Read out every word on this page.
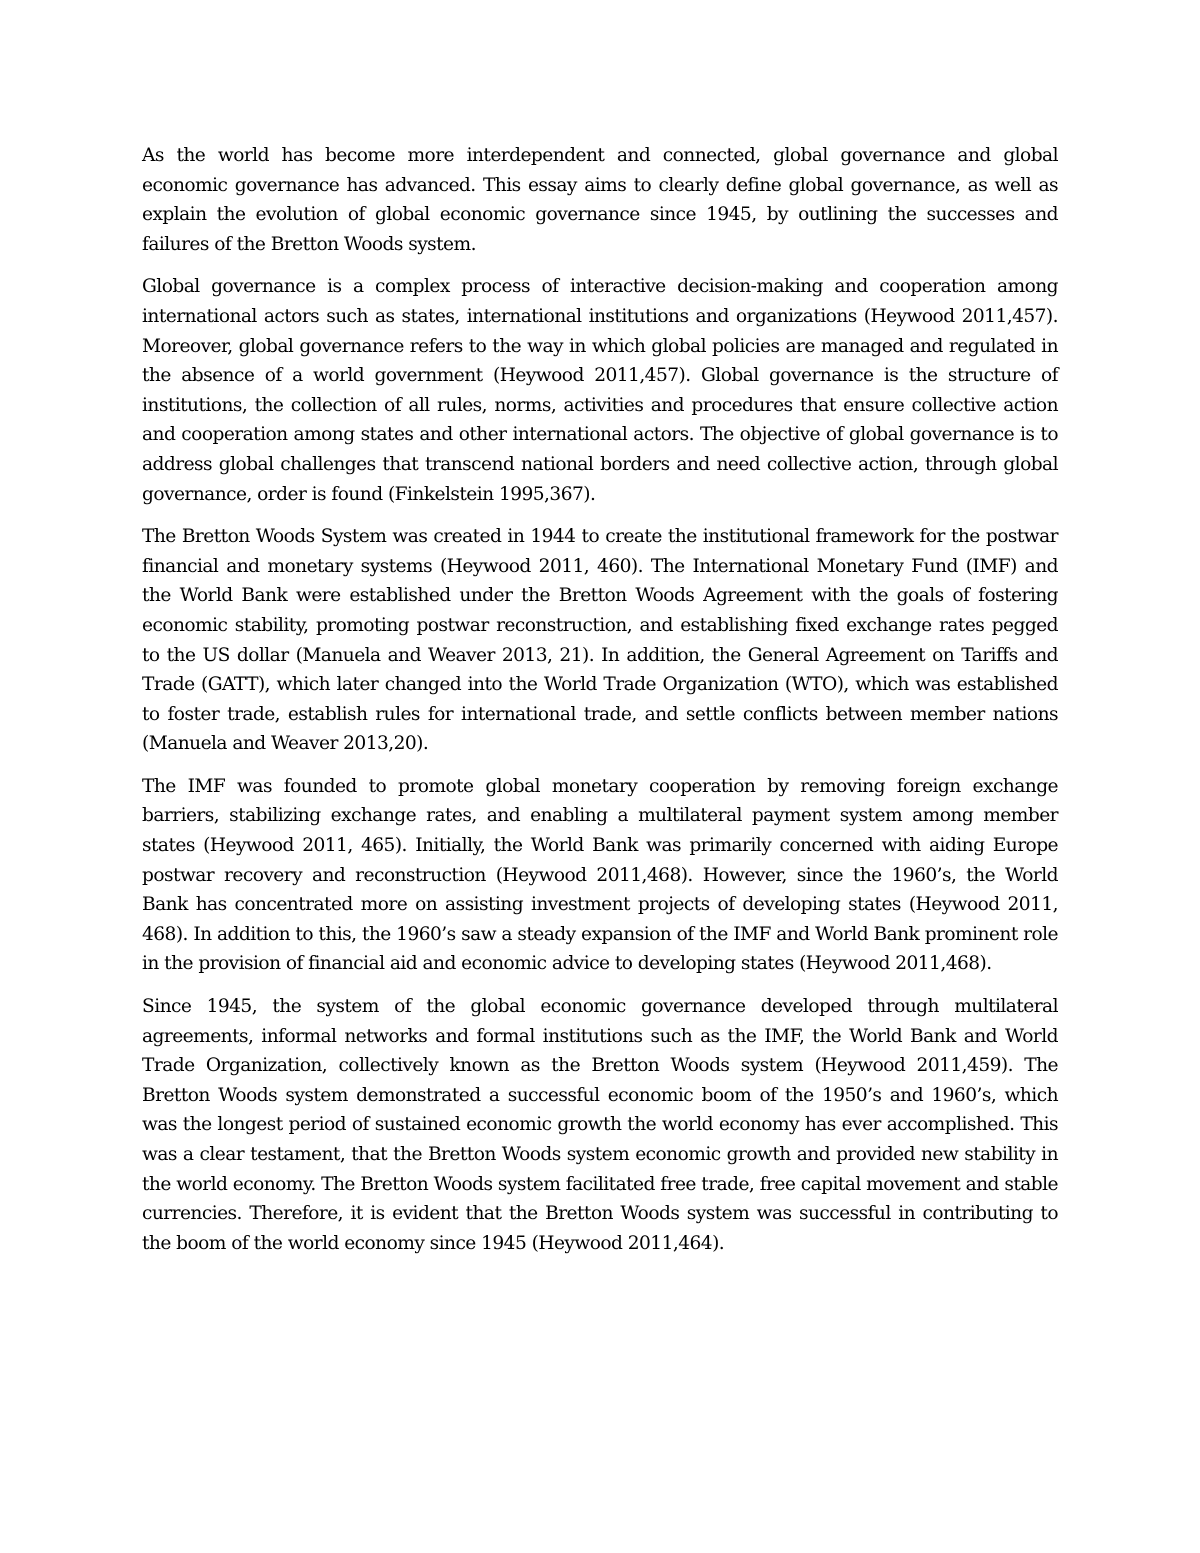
As the world has become more interdependent and connected, global governance and global economic governance has advanced. This essay aims to clearly define global governance, as well as explain the evolution of global economic governance since 1945, by outlining the successes and failures of the Bretton Woods system.

Global governance is a complex process of interactive decision-making and cooperation among international actors such as states, international institutions and organizations (Heywood 2011,457). Moreover, global governance refers to the way in which global policies are managed and regulated in the absence of a world government (Heywood 2011,457). Global governance is the structure of institutions, the collection of all rules, norms, activities and procedures that ensure collective action and cooperation among states and other international actors. The objective of global governance is to address global challenges that transcend national borders and need collective action, through global governance, order is found (Finkelstein 1995,367).

The Bretton Woods System was created in 1944 to create the institutional framework for the postwar financial and monetary systems (Heywood 2011, 460). The International Monetary Fund (IMF) and the World Bank were established under the Bretton Woods Agreement with the goals of fostering economic stability, promoting postwar reconstruction, and establishing fixed exchange rates pegged to the US dollar (Manuela and Weaver 2013, 21). In addition, the General Agreement on Tariffs and Trade (GATT), which later changed into the World Trade Organization (WTO), which was established to foster trade, establish rules for international trade, and settle conflicts between member nations (Manuela and Weaver 2013,20).

The IMF was founded to promote global monetary cooperation by removing foreign exchange barriers, stabilizing exchange rates, and enabling a multilateral payment system among member states (Heywood 2011, 465). Initially, the World Bank was primarily concerned with aiding Europe postwar recovery and reconstruction (Heywood 2011,468). However, since the 1960’s, the World Bank has concentrated more on assisting investment projects of developing states (Heywood 2011, 468). In addition to this, the 1960’s saw a steady expansion of the IMF and World Bank prominent role in the provision of financial aid and economic advice to developing states (Heywood 2011,468).

Since 1945, the system of the global economic governance developed through multilateral agreements, informal networks and formal institutions such as the IMF, the World Bank and World Trade Organization, collectively known as the Bretton Woods system (Heywood 2011,459). The Bretton Woods system demonstrated a successful economic boom of the 1950’s and 1960’s, which was the longest period of sustained economic growth the world economy has ever accomplished. This was a clear testament, that the Bretton Woods system economic growth and provided new stability in the world economy. The Bretton Woods system facilitated free trade, free capital movement and stable currencies. Therefore, it is evident that the Bretton Woods system was successful in contributing to the boom of the world economy since 1945 (Heywood 2011,464).
